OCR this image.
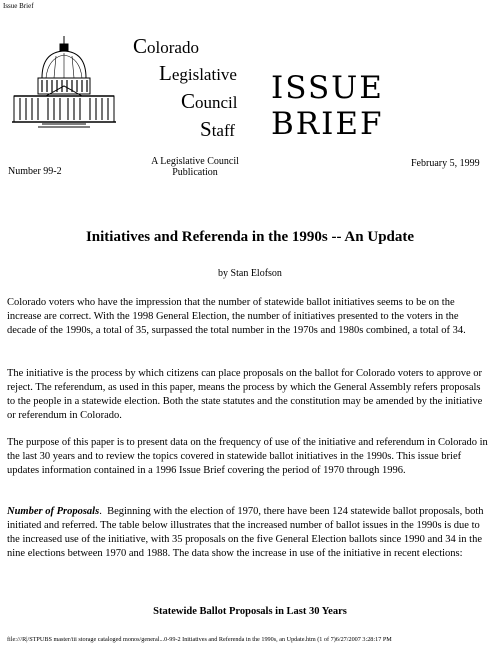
Issue Brief
Colorado
Legislative
Council
Staff
ISSUE BRIEF
Number 99-2
A Legislative Council
Publication
February 5, 1999
Initiatives and Referenda in the 1990s -- An Update
by Stan Elofson
Colorado voters who have the impression that the number of statewide ballot initiatives seems to be on the increase are correct. With the 1998 General Election, the number of initiatives presented to the voters in the decade of the 1990s, a total of 35, surpassed the total number in the 1970s and 1980s combined, a total of 34.
The initiative is the process by which citizens can place proposals on the ballot for Colorado voters to approve or reject. The referendum, as used in this paper, means the process by which the General Assembly refers proposals to the people in a statewide election. Both the state statutes and the constitution may be amended by the initiative or referendum in Colorado.
The purpose of this paper is to present data on the frequency of use of the initiative and referendum in Colorado in the last 30 years and to review the topics covered in statewide ballot initiatives in the 1990s. This issue brief updates information contained in a 1996 Issue Brief covering the period of 1970 through 1996.
Number of Proposals.  Beginning with the election of 1970, there have been 124 statewide ballot proposals, both initiated and referred. The table below illustrates that the increased number of ballot issues in the 1990s is due to the increased use of the initiative, with 35 proposals on the five General Election ballots since 1990 and 34 in the nine elections between 1970 and 1988. The data show the increase in use of the initiative in recent elections:
Statewide Ballot Proposals in Last 30 Years
file:///R|/STPUBS master/iii storage cataloged monos/general...0-99-2 Initiatives and Referenda in the 1990s, an Update.htm (1 of 7)6/27/2007 3:28:17 PM
